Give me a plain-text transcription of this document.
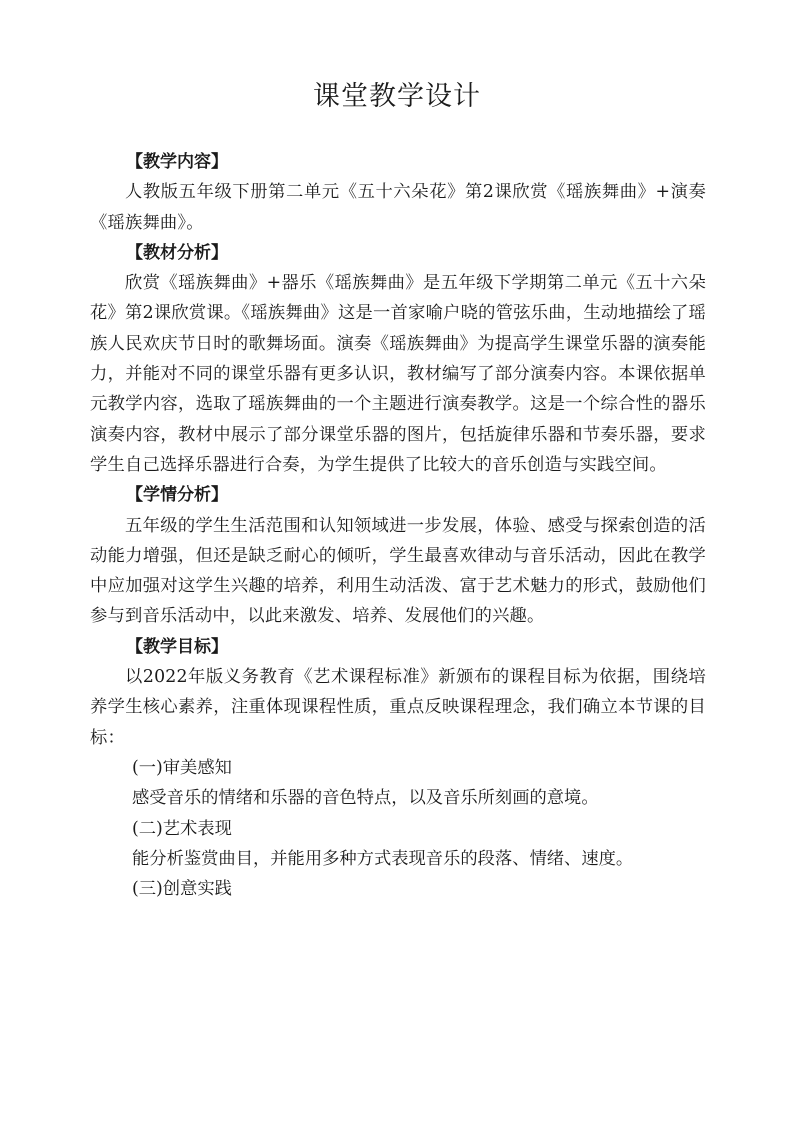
课堂教学设计

【教学内容】

人教版五年级下册第二单元《五十六朵花》第2课欣赏《瑶族舞曲》+演奏《瑶族舞曲》。

【教材分析】

欣赏《瑶族舞曲》+器乐《瑶族舞曲》是五年级下学期第二单元《五十六朵花》第2课欣赏课。《瑶族舞曲》这是一首家喻户晓的管弦乐曲，生动地描绘了瑶族人民欢庆节日时的歌舞场面。演奏《瑶族舞曲》为提高学生课堂乐器的演奏能力，并能对不同的课堂乐器有更多认识，教材编写了部分演奏内容。本课依据单元教学内容，选取了瑶族舞曲的一个主题进行演奏教学。这是一个综合性的器乐演奏内容，教材中展示了部分课堂乐器的图片，包括旋律乐器和节奏乐器，要求学生自己选择乐器进行合奏，为学生提供了比较大的音乐创造与实践空间。

【学情分析】

五年级的学生生活范围和认知领域进一步发展，体验、感受与探索创造的活动能力增强，但还是缺乏耐心的倾听，学生最喜欢律动与音乐活动，因此在教学中应加强对这学生兴趣的培养，利用生动活泼、富于艺术魅力的形式，鼓励他们参与到音乐活动中，以此来激发、培养、发展他们的兴趣。

【教学目标】

以2022年版义务教育《艺术课程标准》新颁布的课程目标为依据，围绕培养学生核心素养，注重体现课程性质，重点反映课程理念，我们确立本节课的目标：

(一)审美感知

感受音乐的情绪和乐器的音色特点，以及音乐所刻画的意境。

(二)艺术表现

能分析鉴赏曲目，并能用多种方式表现音乐的段落、情绪、速度。

(三)创意实践
